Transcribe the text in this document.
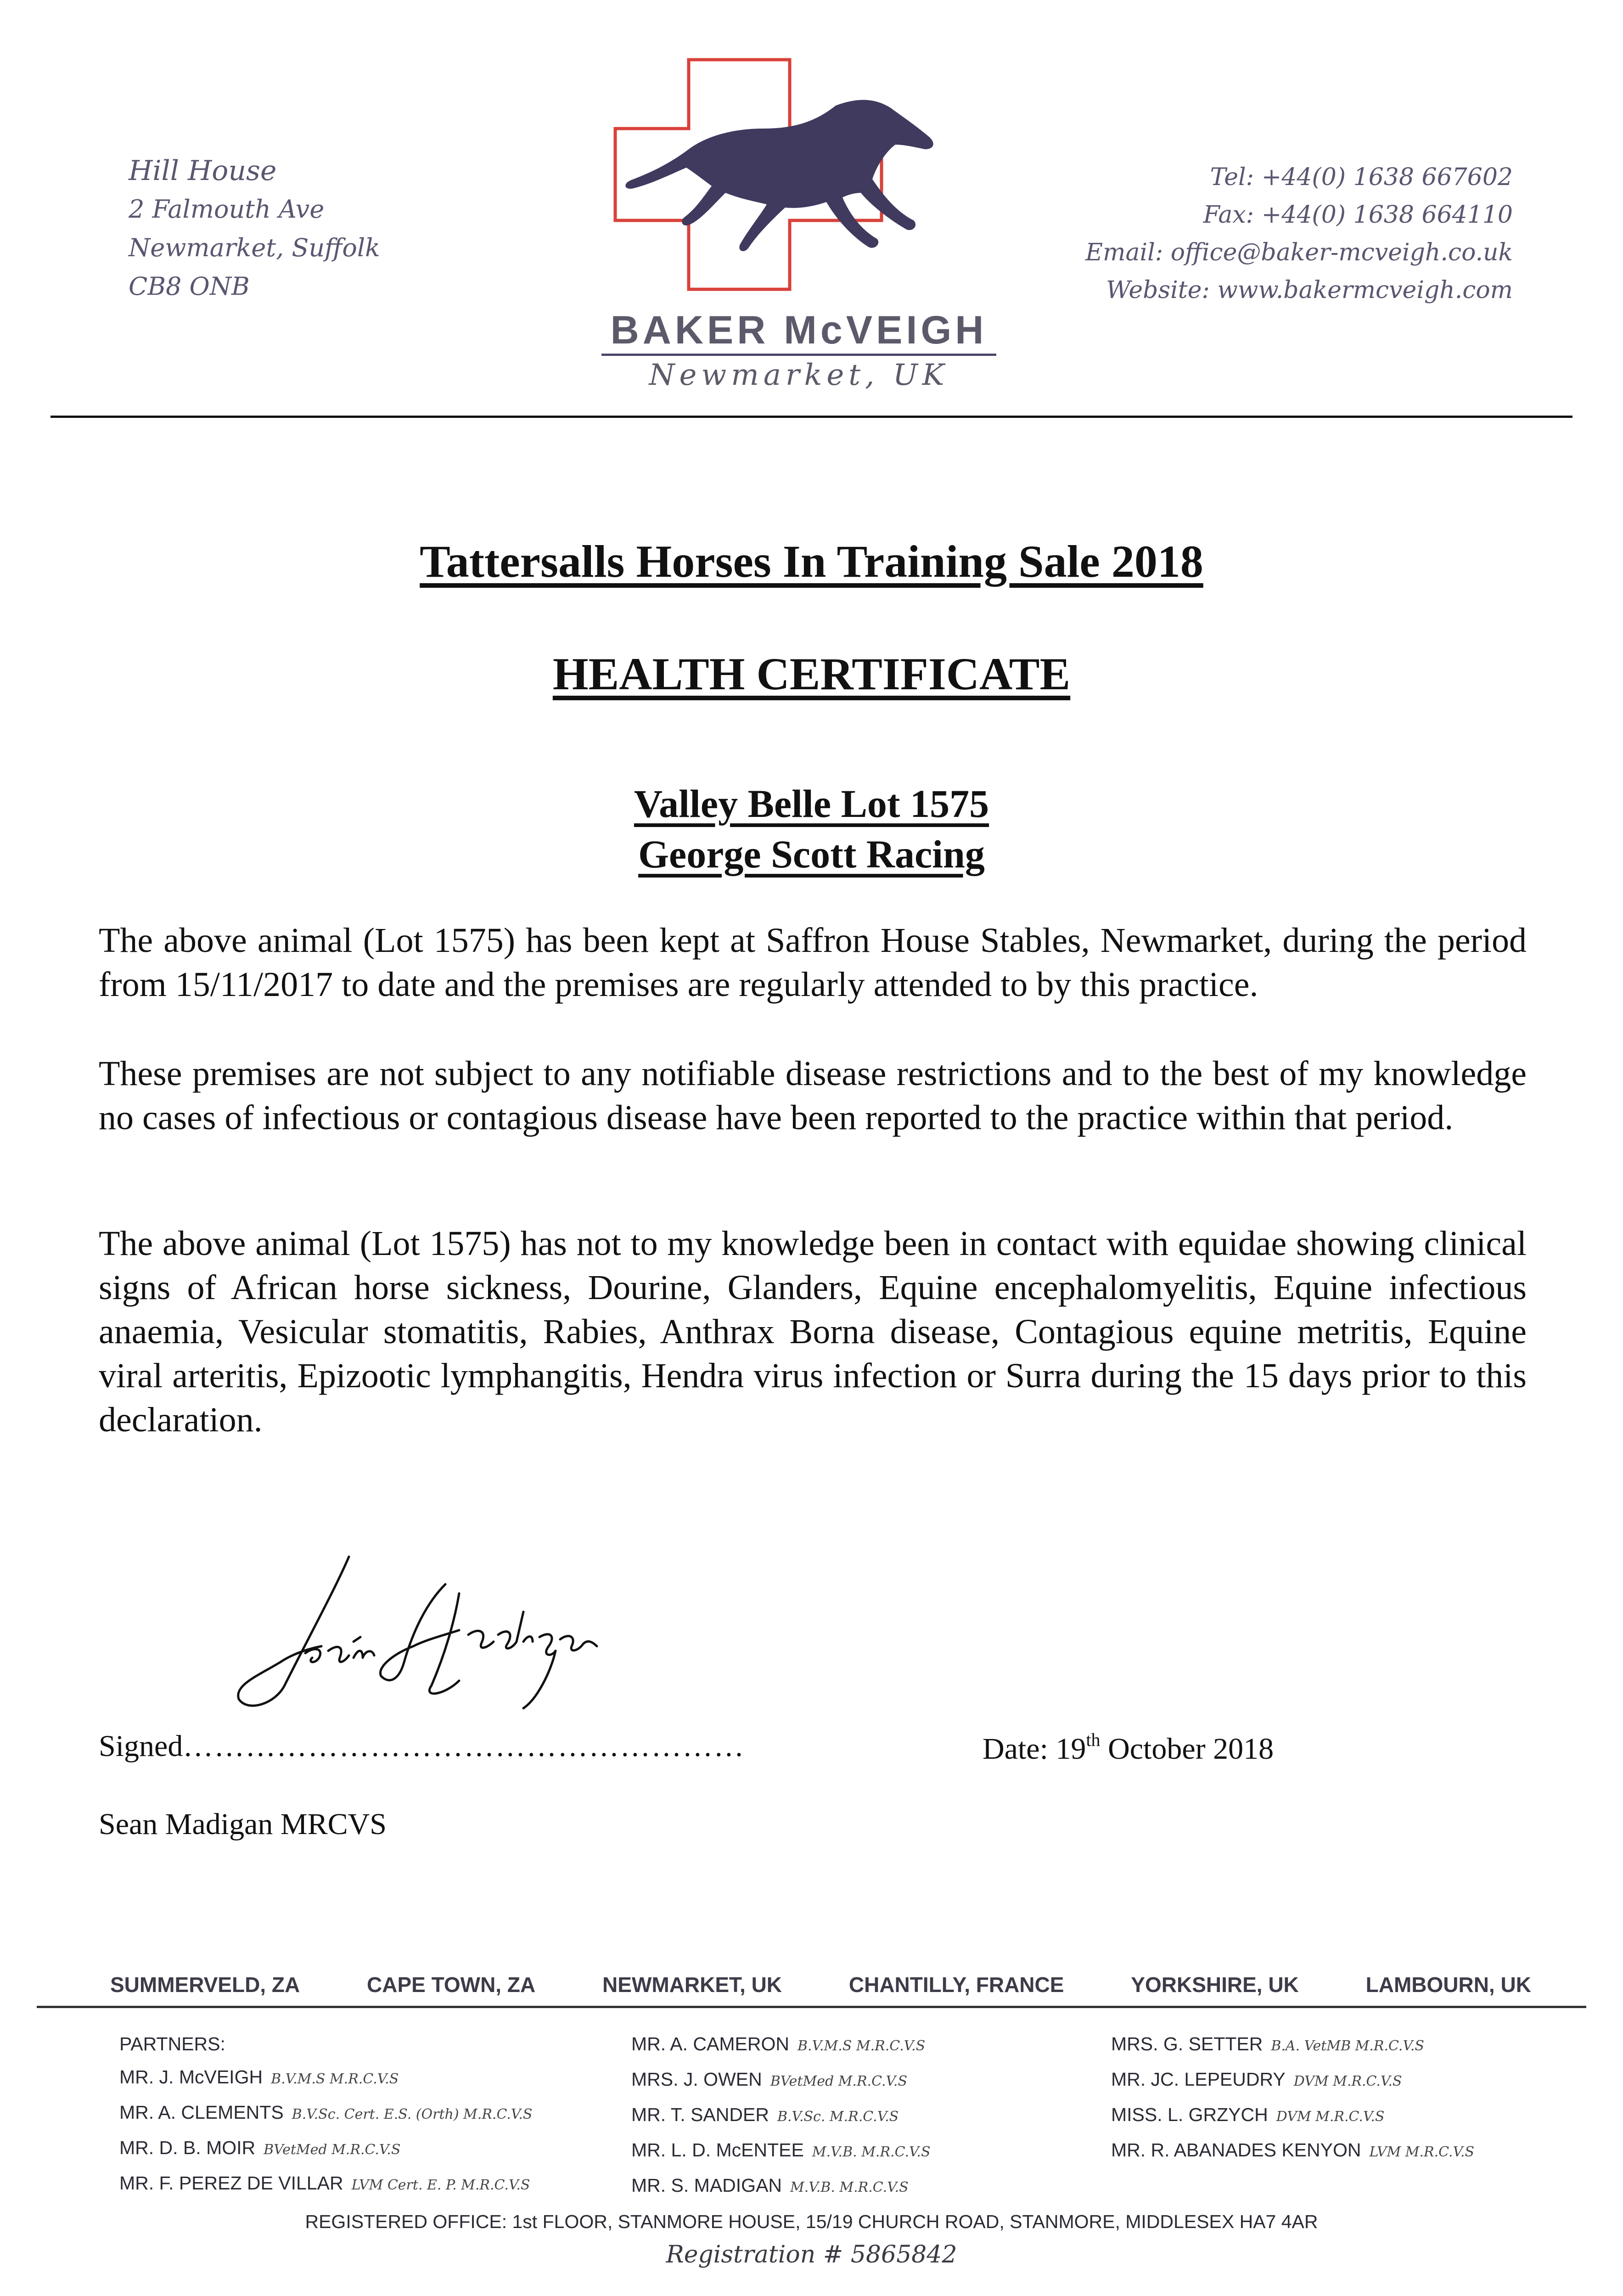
Hill House
2 Falmouth Ave
Newmarket, Suffolk
CB8 ONB
BAKER McVEIGH
Newmarket, UK
Tel: +44(0) 1638 667602
Fax: +44(0) 1638 664110
Email: office@baker-mcveigh.co.uk
Website: www.bakermcveigh.com
Tattersalls Horses In Training Sale 2018
HEALTH CERTIFICATE
Valley Belle Lot 1575
George Scott Racing
The above animal (Lot 1575) has been kept at Saffron House Stables, Newmarket, during the period from 15/11/2017 to date and the premises are regularly attended to by this practice.
These premises are not subject to any notifiable disease restrictions and to the best of my knowledge no cases of infectious or contagious disease have been reported to the practice within that period.
The above animal (Lot 1575) has not to my knowledge been in contact with equidae showing clinical signs of African horse sickness, Dourine, Glanders, Equine encephalomyelitis, Equine infectious anaemia, Vesicular stomatitis, Rabies, Anthrax Borna disease, Contagious equine metritis, Equine viral arteritis, Epizootic lymphangitis, Hendra virus infection or Surra during the 15 days prior to this declaration.
Signed………………………………………………	Date: 19th October 2018
Sean Madigan MRCVS
SUMMERVELD, ZA	CAPE TOWN, ZA	NEWMARKET, UK	CHANTILLY, FRANCE	YORKSHIRE, UK	LAMBOURN, UK
PARTNERS:
MR. J. McVEIGH B.V.M.S M.R.C.V.S
MR. A. CLEMENTS B.V.Sc. Cert. E.S. (Orth) M.R.C.V.S
MR. D. B. MOIR BVetMed M.R.C.V.S
MR. F. PEREZ DE VILLAR LVM Cert. E. P. M.R.C.V.S
MR. A. CAMERON B.V.M.S M.R.C.V.S
MRS. J. OWEN BVetMed M.R.C.V.S
MR. T. SANDER B.V.Sc. M.R.C.V.S
MR. L. D. McENTEE M.V.B. M.R.C.V.S
MR. S. MADIGAN M.V.B. M.R.C.V.S
MRS. G. SETTER B.A. VetMB M.R.C.V.S
MR. JC. LEPEUDRY DVM M.R.C.V.S
MISS. L. GRZYCH DVM M.R.C.V.S
MR. R. ABANADES KENYON LVM M.R.C.V.S
REGISTERED OFFICE: 1st FLOOR, STANMORE HOUSE, 15/19 CHURCH ROAD, STANMORE, MIDDLESEX HA7 4AR
Registration # 5865842
